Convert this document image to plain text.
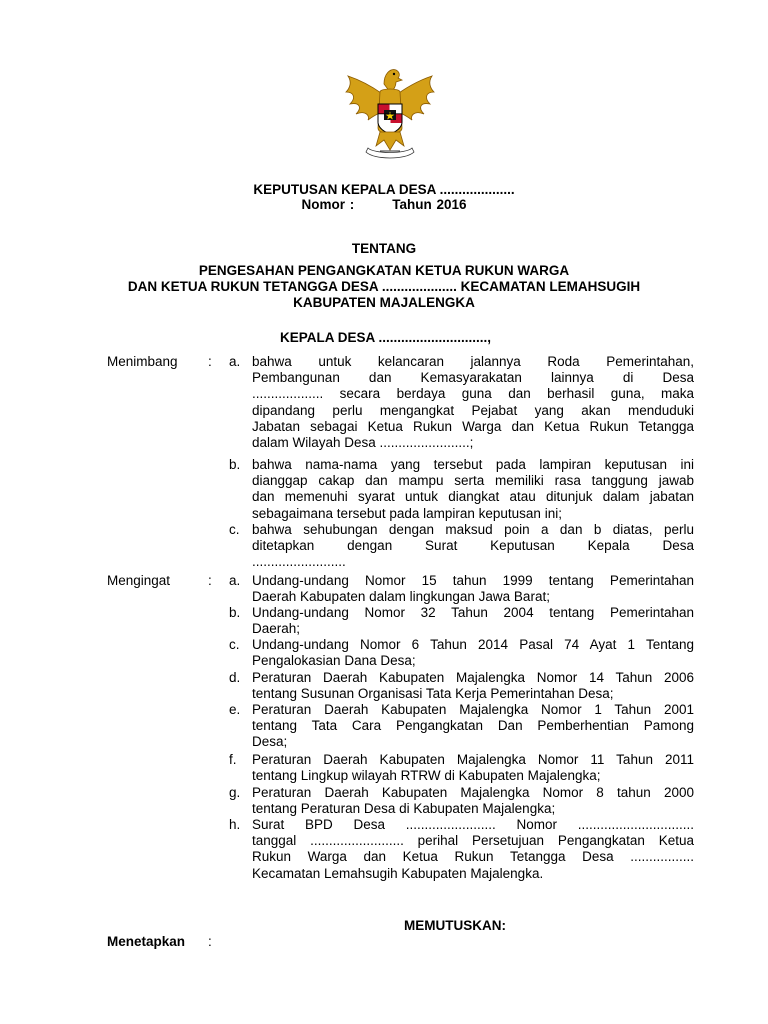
KEPUTUSAN KEPALA DESA ....................
Nomor :        Tahun 2016
TENTANG
PENGESAHAN PENGANGKATAN KETUA RUKUN WARGA
DAN KETUA RUKUN TETANGGA DESA .................... KECAMATAN LEMAHSUGIH
KABUPATEN MAJALENGKA
KEPALA DESA .............................,
Menimbang : a. bahwa untuk kelancaran jalannya Roda Pemerintahan,
Pembangunan dan Kemasyarakatan lainnya di Desa
................... secara berdaya guna dan berhasil guna, maka
dipandang perlu mengangkat Pejabat yang akan menduduki
Jabatan sebagai Ketua Rukun Warga dan Ketua Rukun Tetangga
dalam Wilayah Desa ........................;
b. bahwa nama-nama yang tersebut pada lampiran keputusan ini
dianggap cakap dan mampu serta memiliki rasa tanggung jawab
dan memenuhi syarat untuk diangkat atau ditunjuk dalam jabatan
sebagaimana tersebut pada lampiran keputusan ini;
c. bahwa sehubungan dengan maksud poin a dan b diatas, perlu
ditetapkan dengan Surat Keputusan Kepala Desa
.........................
Mengingat	: a. Undang-undang Nomor 15 tahun 1999 tentang Pemerintahan
Daerah Kabupaten dalam lingkungan Jawa Barat;
b. Undang-undang Nomor 32 Tahun 2004 tentang Pemerintahan
Daerah;
c. Undang-undang Nomor 6 Tahun 2014 Pasal 74 Ayat 1 Tentang
Pengalokasian Dana Desa;
d. Peraturan Daerah Kabupaten Majalengka Nomor 14 Tahun 2006
tentang Susunan Organisasi Tata Kerja Pemerintahan Desa;
e. Peraturan Daerah Kabupaten Majalengka Nomor 1 Tahun 2001
tentang Tata Cara Pengangkatan Dan Pemberhentian Pamong
Desa;
f. Peraturan Daerah Kabupaten Majalengka Nomor 11 Tahun 2011
tentang Lingkup wilayah RTRW di Kabupaten Majalengka;
g. Peraturan Daerah Kabupaten Majalengka Nomor 8 tahun 2000
tentang Peraturan Desa di Kabupaten Majalengka;
h. Surat BPD Desa ........................ Nomor ...............................
tanggal ......................... perihal Persetujuan Pengangkatan Ketua
Rukun Warga dan Ketua Rukun Tetangga Desa .................
Kecamatan Lemahsugih Kabupaten Majalengka.
MEMUTUSKAN:
Menetapkan :
